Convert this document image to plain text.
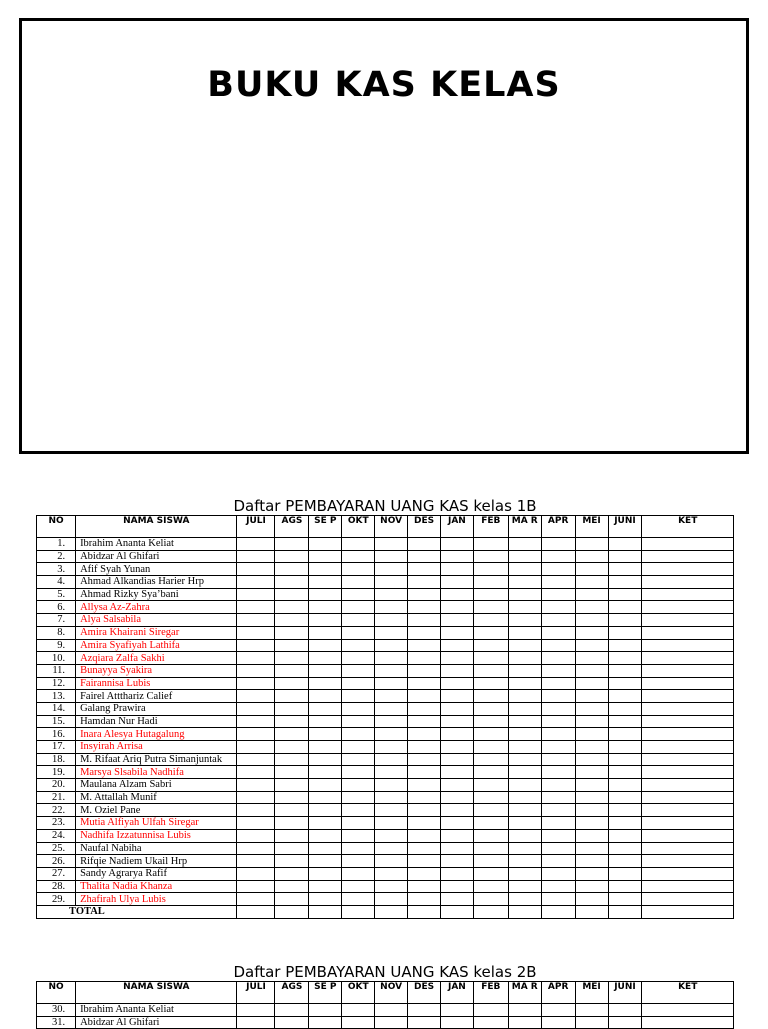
BUKU KAS KELAS
Daftar PEMBAYARAN UANG KAS kelas 1B
NO	NAMA SISWA	JULI	AGS	SE P	OKT	NOV	DES	JAN	FEB	MA R	APR	MEI	JUNI	KET
1.	Ibrahim Ananta Keliat													
2.	Abidzar Al Ghifari													
3.	Afif Syah Yunan													
4.	Ahmad Alkandias Harier Hrp													
5.	Ahmad Rizky Sya’bani													
6.	Allysa Az-Zahra													
7.	Alya Salsabila													
8.	Amira Khairani Siregar													
9.	Amira Syafiyah Lathifa													
10.	Azqiara Zalfa Sakhi													
11.	Bunayya Syakira													
12.	Fairannisa Lubis													
13.	Fairel Attthariz Calief													
14.	Galang Prawira													
15.	Hamdan Nur Hadi													
16.	Inara Alesya Hutagalung													
17.	Insyirah Arrisa													
18.	M. Rifaat Ariq Putra Simanjuntak													
19.	Marsya Slsabila Nadhifa													
20.	Maulana Alzam Sabri													
21.	M. Attallah Munif													
22.	M. Oziel Pane													
23.	Mutia Alfiyah Ulfah Siregar													
24.	Nadhifa Izzatunnisa Lubis													
25.	Naufal Nabiha													
26.	Rifqie Nadiem Ukail Hrp													
27.	Sandy Agrarya Rafif													
28.	Thalita Nadia Khanza													
29.	Zhafirah Ulya Lubis													
TOTAL														
Daftar PEMBAYARAN UANG KAS kelas 2B
NO	NAMA SISWA	JULI	AGS	SE P	OKT	NOV	DES	JAN	FEB	MA R	APR	MEI	JUNI	KET
30.	Ibrahim Ananta Keliat													
31.	Abidzar Al Ghifari													
